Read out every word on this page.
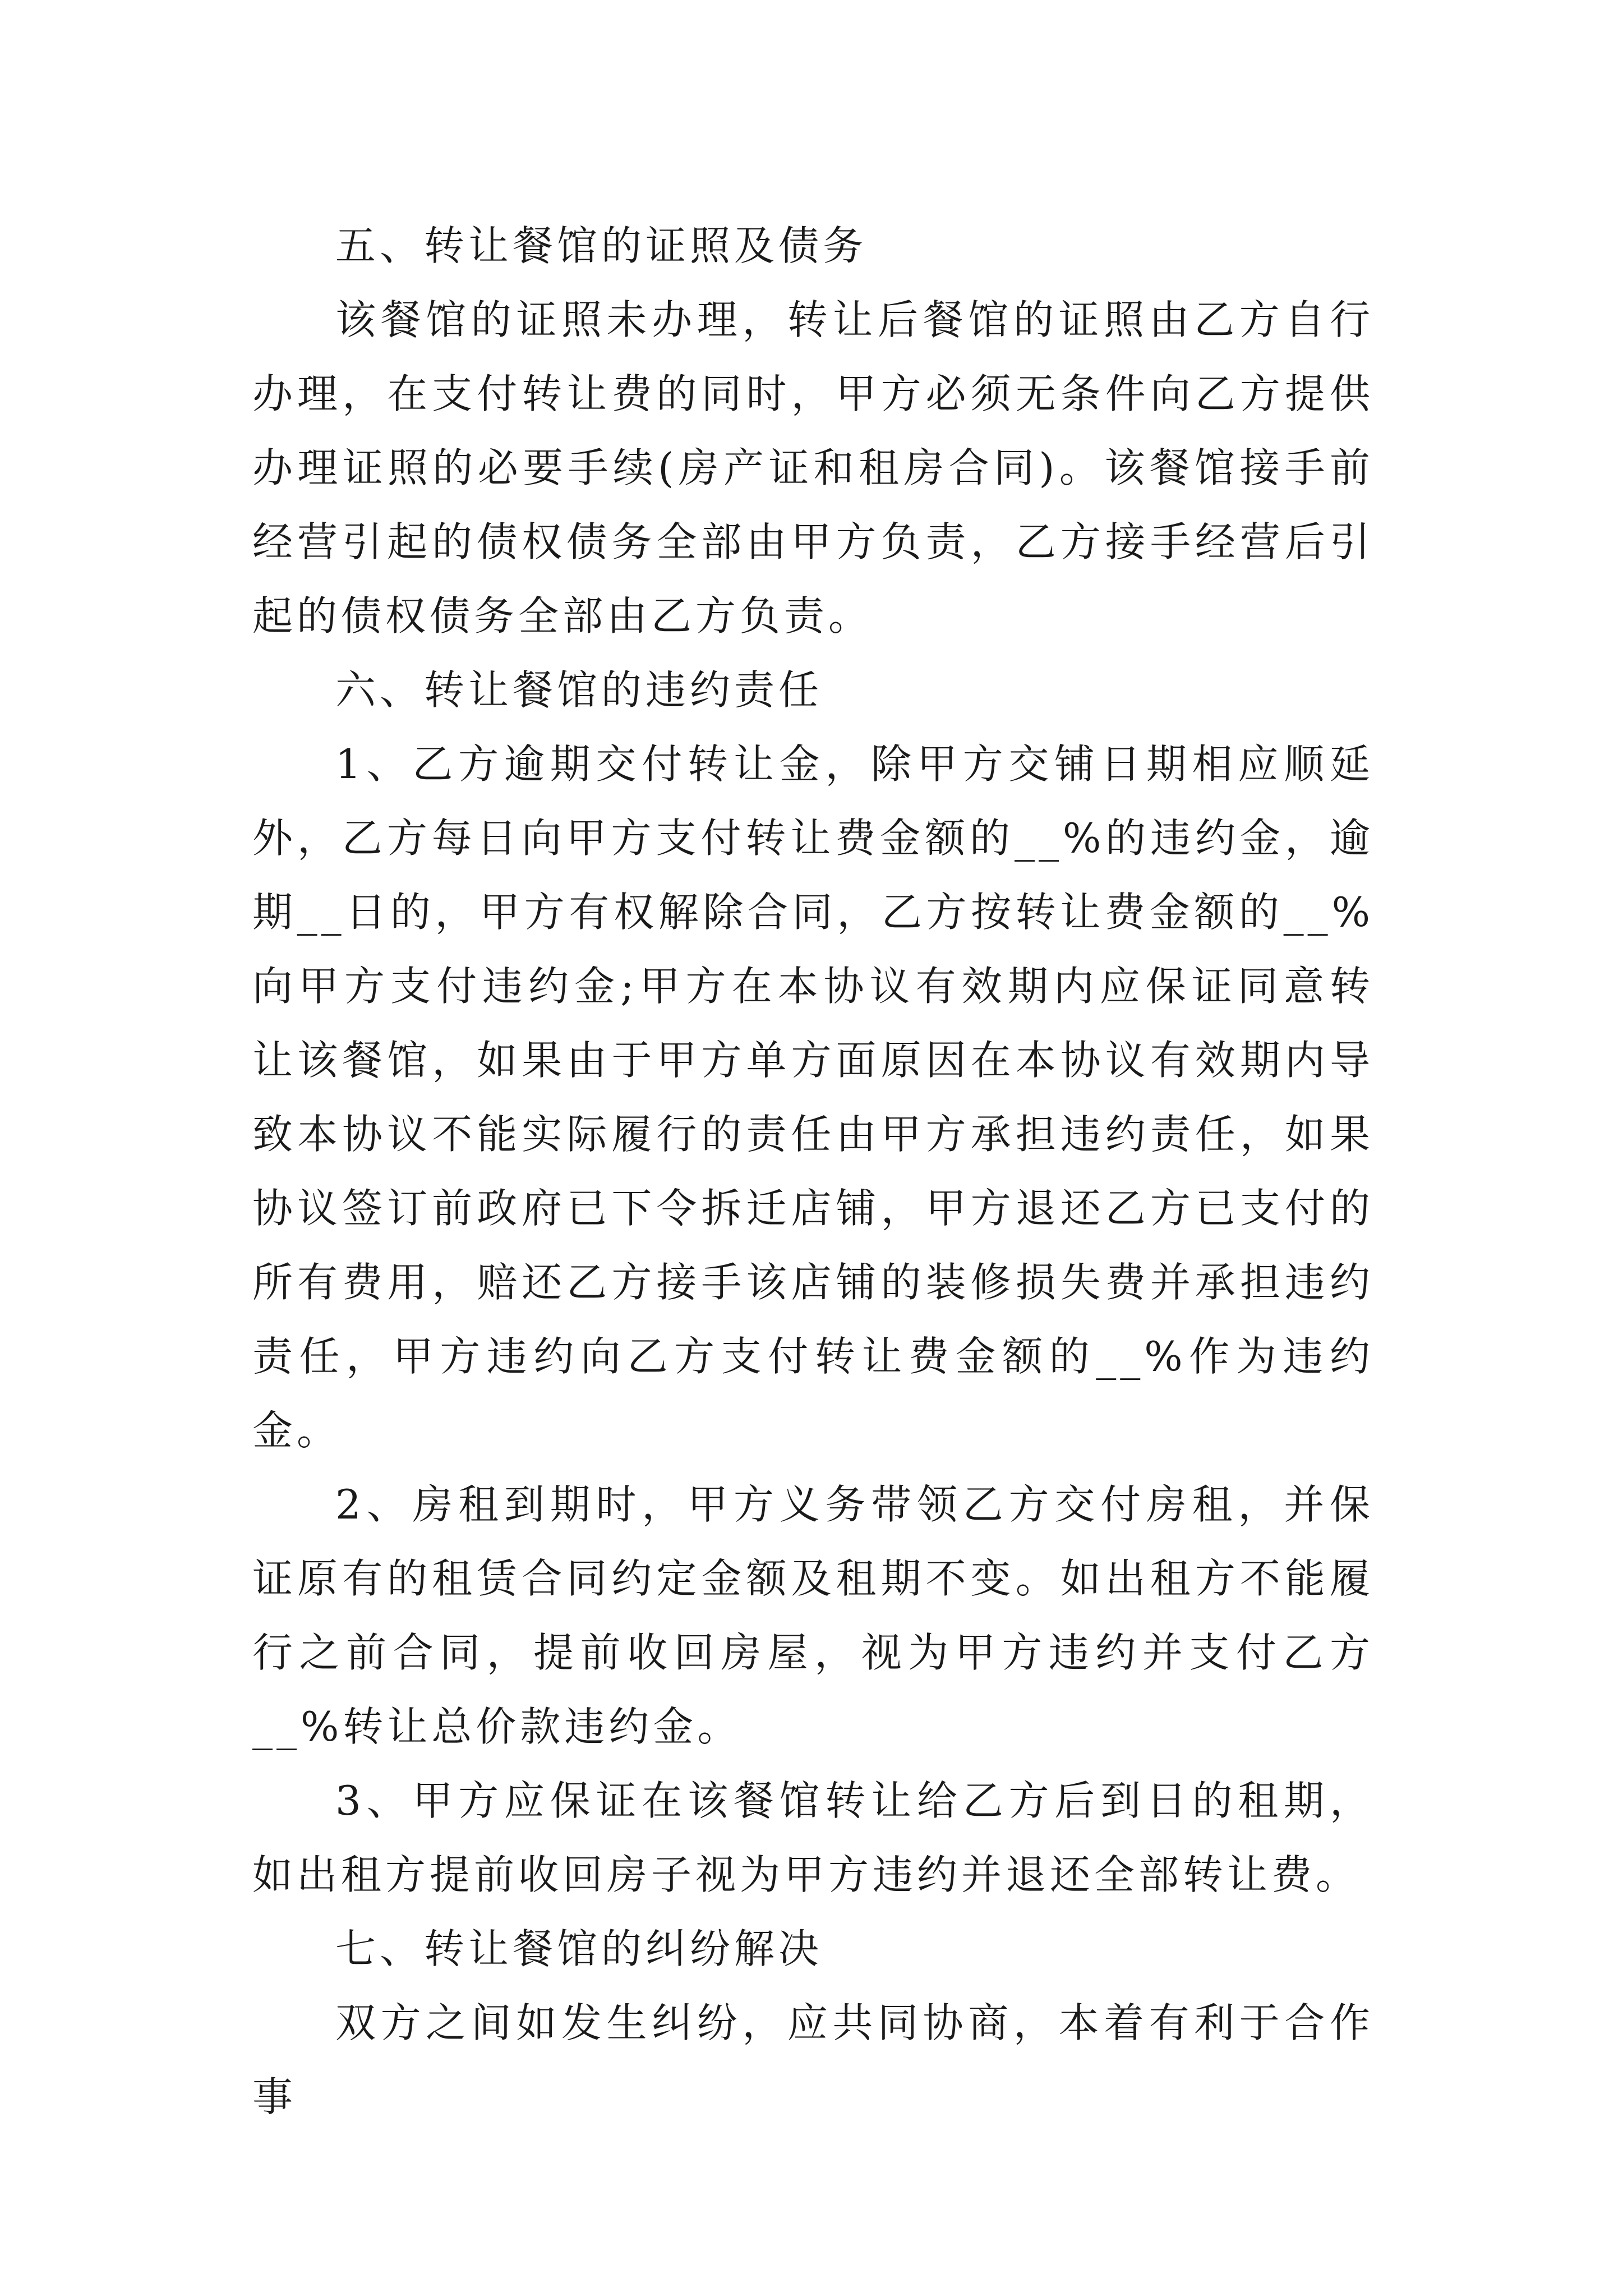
五、转让餐馆的证照及债务

该餐馆的证照未办理，转让后餐馆的证照由乙方自行办理，在支付转让费的同时，甲方必须无条件向乙方提供办理证照的必要手续(房产证和租房合同)。该餐馆接手前经营引起的债权债务全部由甲方负责，乙方接手经营后引起的债权债务全部由乙方负责。

六、转让餐馆的违约责任

1、乙方逾期交付转让金，除甲方交铺日期相应顺延外，乙方每日向甲方支付转让费金额的__%的违约金，逾期__日的，甲方有权解除合同，乙方按转让费金额的__%向甲方支付违约金;甲方在本协议有效期内应保证同意转让该餐馆，如果由于甲方单方面原因在本协议有效期内导致本协议不能实际履行的责任由甲方承担违约责任，如果协议签订前政府已下令拆迁店铺，甲方退还乙方已支付的所有费用，赔还乙方接手该店铺的装修损失费并承担违约责任，甲方违约向乙方支付转让费金额的__%作为违约金。

2、房租到期时，甲方义务带领乙方交付房租，并保证原有的租赁合同约定金额及租期不变。如出租方不能履行之前合同，提前收回房屋，视为甲方违约并支付乙方__%转让总价款违约金。

3、甲方应保证在该餐馆转让给乙方后到日的租期，如出租方提前收回房子视为甲方违约并退还全部转让费。

七、转让餐馆的纠纷解决

双方之间如发生纠纷，应共同协商，本着有利于合作事
